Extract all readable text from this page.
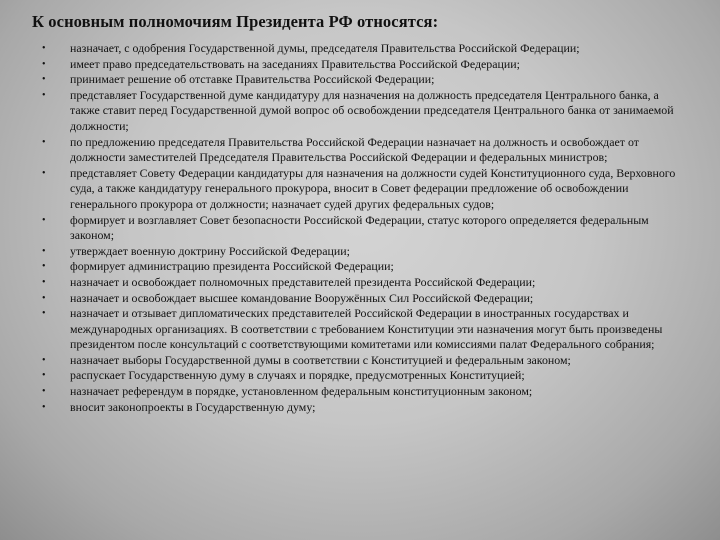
К основным полномочиям Президента РФ относятся:
• назначает, с одобрения Государственной думы, председателя Правительства Российской Федерации;
• имеет право председательствовать на заседаниях Правительства Российской Федерации;
• принимает решение об отставке Правительства Российской Федерации;
• представляет Государственной думе кандидатуру для назначения на должность председателя Центрального банка, а также ставит перед Государственной думой вопрос об освобождении председателя Центрального банка от занимаемой должности;
• по предложению председателя Правительства Российской Федерации назначает на должность и освобождает от должности заместителей Председателя Правительства Российской Федерации и федеральных министров;
• представляет Совету Федерации кандидатуры для назначения на должности судей Конституционного суда, Верховного суда, а также кандидатуру генерального прокурора, вносит в Совет федерации предложение об освобождении генерального прокурора от должности; назначает судей других федеральных судов;
• формирует и возглавляет Совет безопасности Российской Федерации, статус которого определяется федеральным законом;
• утверждает военную доктрину Российской Федерации;
• формирует администрацию президента Российской Федерации;
• назначает и освобождает полномочных представителей президента Российской Федерации;
• назначает и освобождает высшее командование Вооружённых Сил Российской Федерации;
• назначает и отзывает дипломатических представителей Российской Федерации в иностранных государствах и международных организациях. В соответствии с требованием Конституции эти назначения могут быть произведены президентом после консультаций с соответствующими комитетами или комиссиями палат Федерального собрания;
• назначает выборы Государственной думы в соответствии с Конституцией и федеральным законом;
• распускает Государственную думу в случаях и порядке, предусмотренных Конституцией;
• назначает референдум в порядке, установленном федеральным конституционным законом;
• вносит законопроекты в Государственную думу;
